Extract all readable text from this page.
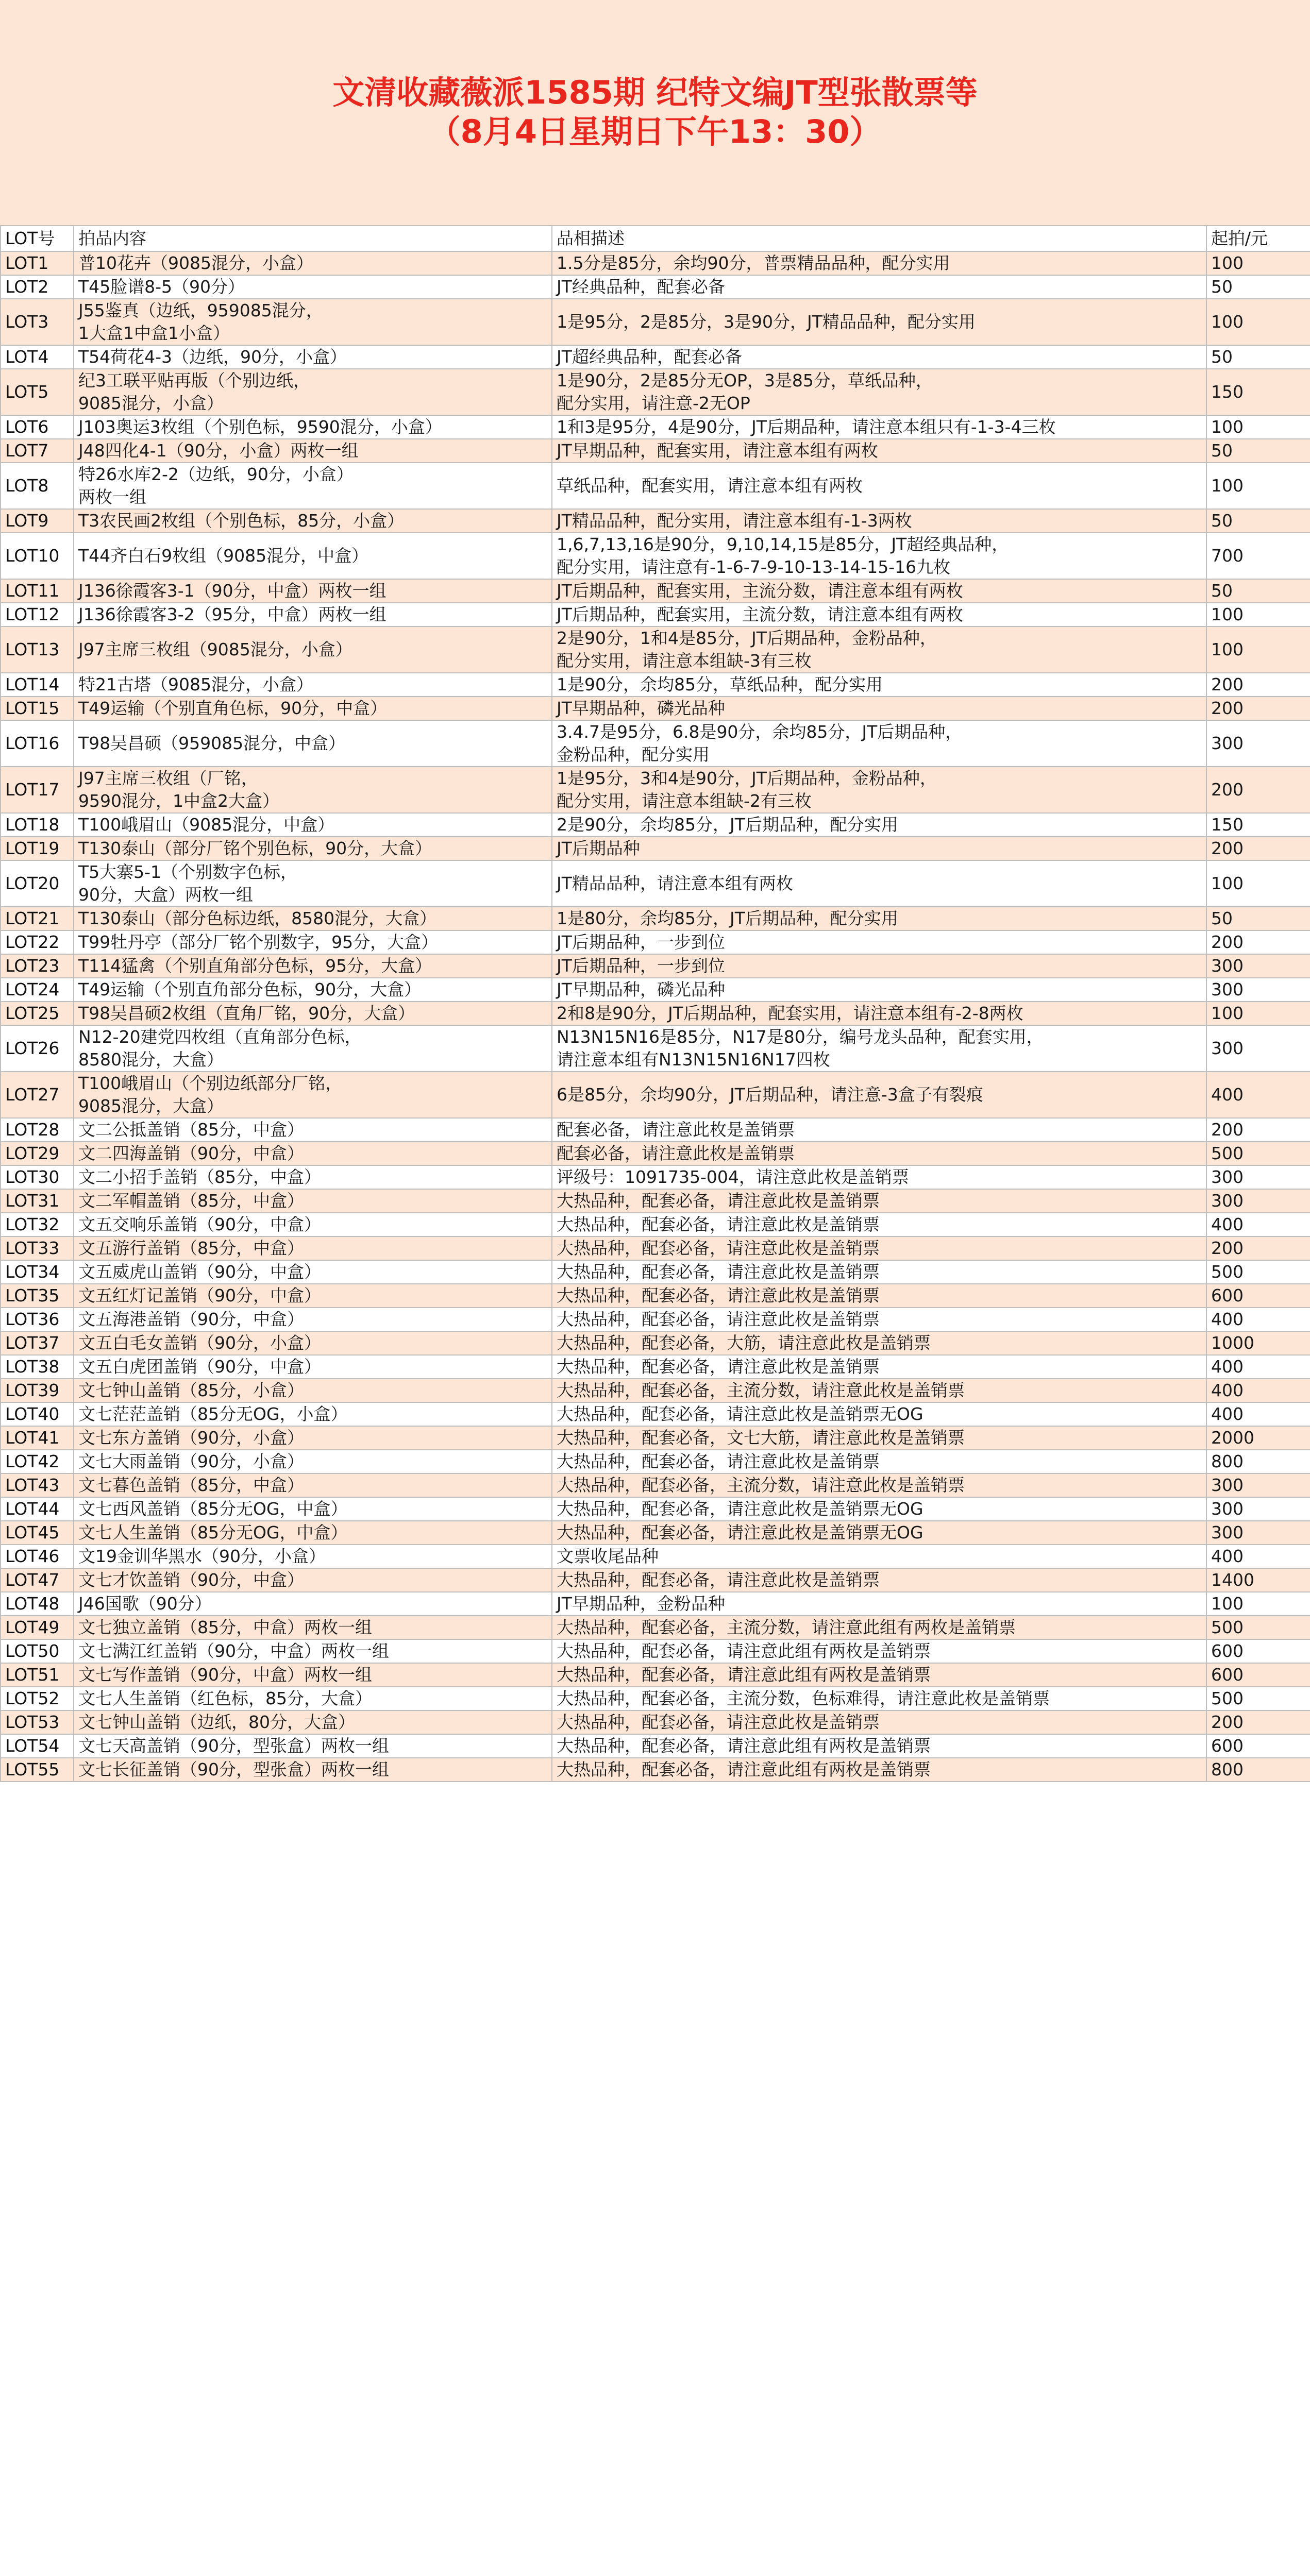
文清收藏薇派1585期 纪特文编JT型张散票等
（8月4日星期日下午13：30）
LOT号	拍品内容	品相描述	起拍/元
LOT1	普10花卉（9085混分，小盒）	1.5分是85分，余均90分，普票精品品种，配分实用	100
LOT2	T45脸谱8-5（90分）	JT经典品种，配套必备	50
LOT3	J55鉴真（边纸，959085混分，
1大盒1中盒1小盒）	1是95分，2是85分，3是90分，JT精品品种，配分实用	100
LOT4	T54荷花4-3（边纸，90分，小盒）	JT超经典品种，配套必备	50
LOT5	纪3工联平贴再版（个别边纸，
9085混分，小盒）	1是90分，2是85分无OP，3是85分，草纸品种，
配分实用，请注意-2无OP	150
LOT6	J103奥运3枚组（个别色标，9590混分，小盒）	1和3是95分，4是90分，JT后期品种，请注意本组只有-1-3-4三枚	100
LOT7	J48四化4-1（90分，小盒）两枚一组	JT早期品种，配套实用，请注意本组有两枚	50
LOT8	特26水库2-2（边纸，90分，小盒）
两枚一组	草纸品种，配套实用，请注意本组有两枚	100
LOT9	T3农民画2枚组（个别色标，85分，小盒）	JT精品品种，配分实用，请注意本组有-1-3两枚	50
LOT10	T44齐白石9枚组（9085混分，中盒）	1,6,7,13,16是90分，9,10,14,15是85分，JT超经典品种，
配分实用，请注意有-1-6-7-9-10-13-14-15-16九枚	700
LOT11	J136徐霞客3-1（90分，中盒）两枚一组	JT后期品种，配套实用，主流分数，请注意本组有两枚	50
LOT12	J136徐霞客3-2（95分，中盒）两枚一组	JT后期品种，配套实用，主流分数，请注意本组有两枚	100
LOT13	J97主席三枚组（9085混分，小盒）	2是90分，1和4是85分，JT后期品种，金粉品种，
配分实用，请注意本组缺-3有三枚	100
LOT14	特21古塔（9085混分，小盒）	1是90分，余均85分，草纸品种，配分实用	200
LOT15	T49运输（个别直角色标，90分，中盒）	JT早期品种，磷光品种	200
LOT16	T98吴昌硕（959085混分，中盒）	3.4.7是95分，6.8是90分，余均85分，JT后期品种，
金粉品种，配分实用	300
LOT17	J97主席三枚组（厂铭，
9590混分，1中盒2大盒）	1是95分，3和4是90分，JT后期品种，金粉品种，
配分实用，请注意本组缺-2有三枚	200
LOT18	T100峨眉山（9085混分，中盒）	2是90分，余均85分，JT后期品种，配分实用	150
LOT19	T130泰山（部分厂铭个别色标，90分，大盒）	JT后期品种	200
LOT20	T5大寨5-1（个别数字色标，
90分，大盒）两枚一组	JT精品品种，请注意本组有两枚	100
LOT21	T130泰山（部分色标边纸，8580混分，大盒）	1是80分，余均85分，JT后期品种，配分实用	50
LOT22	T99牡丹亭（部分厂铭个别数字，95分，大盒）	JT后期品种，一步到位	200
LOT23	T114猛禽（个别直角部分色标，95分，大盒）	JT后期品种，一步到位	300
LOT24	T49运输（个别直角部分色标，90分，大盒）	JT早期品种，磷光品种	300
LOT25	T98吴昌硕2枚组（直角厂铭，90分，大盒）	2和8是90分，JT后期品种，配套实用，请注意本组有-2-8两枚	100
LOT26	N12-20建党四枚组（直角部分色标，
8580混分，大盒）	N13N15N16是85分，N17是80分，编号龙头品种，配套实用，
请注意本组有N13N15N16N17四枚	300
LOT27	T100峨眉山（个别边纸部分厂铭，
9085混分，大盒）	6是85分，余均90分，JT后期品种，请注意-3盒子有裂痕	400
LOT28	文二公抵盖销（85分，中盒）	配套必备，请注意此枚是盖销票	200
LOT29	文二四海盖销（90分，中盒）	配套必备，请注意此枚是盖销票	500
LOT30	文二小招手盖销（85分，中盒）	评级号：1091735-004，请注意此枚是盖销票	300
LOT31	文二军帽盖销（85分，中盒）	大热品种，配套必备，请注意此枚是盖销票	300
LOT32	文五交响乐盖销（90分，中盒）	大热品种，配套必备，请注意此枚是盖销票	400
LOT33	文五游行盖销（85分，中盒）	大热品种，配套必备，请注意此枚是盖销票	200
LOT34	文五威虎山盖销（90分，中盒）	大热品种，配套必备，请注意此枚是盖销票	500
LOT35	文五红灯记盖销（90分，中盒）	大热品种，配套必备，请注意此枚是盖销票	600
LOT36	文五海港盖销（90分，中盒）	大热品种，配套必备，请注意此枚是盖销票	400
LOT37	文五白毛女盖销（90分，小盒）	大热品种，配套必备，大筋，请注意此枚是盖销票	1000
LOT38	文五白虎团盖销（90分，中盒）	大热品种，配套必备，请注意此枚是盖销票	400
LOT39	文七钟山盖销（85分，小盒）	大热品种，配套必备，主流分数，请注意此枚是盖销票	400
LOT40	文七茫茫盖销（85分无OG，小盒）	大热品种，配套必备，请注意此枚是盖销票无OG	400
LOT41	文七东方盖销（90分，小盒）	大热品种，配套必备，文七大筋，请注意此枚是盖销票	2000
LOT42	文七大雨盖销（90分，小盒）	大热品种，配套必备，请注意此枚是盖销票	800
LOT43	文七暮色盖销（85分，中盒）	大热品种，配套必备，主流分数，请注意此枚是盖销票	300
LOT44	文七西风盖销（85分无OG，中盒）	大热品种，配套必备，请注意此枚是盖销票无OG	300
LOT45	文七人生盖销（85分无OG，中盒）	大热品种，配套必备，请注意此枚是盖销票无OG	300
LOT46	文19金训华黑水（90分，小盒）	文票收尾品种	400
LOT47	文七才饮盖销（90分，中盒）	大热品种，配套必备，请注意此枚是盖销票	1400
LOT48	J46国歌（90分）	JT早期品种，金粉品种	100
LOT49	文七独立盖销（85分，中盒）两枚一组	大热品种，配套必备，主流分数，请注意此组有两枚是盖销票	500
LOT50	文七满江红盖销（90分，中盒）两枚一组	大热品种，配套必备，请注意此组有两枚是盖销票	600
LOT51	文七写作盖销（90分，中盒）两枚一组	大热品种，配套必备，请注意此组有两枚是盖销票	600
LOT52	文七人生盖销（红色标，85分，大盒）	大热品种，配套必备，主流分数，色标难得，请注意此枚是盖销票	500
LOT53	文七钟山盖销（边纸，80分，大盒）	大热品种，配套必备，请注意此枚是盖销票	200
LOT54	文七天高盖销（90分，型张盒）两枚一组	大热品种，配套必备，请注意此组有两枚是盖销票	600
LOT55	文七长征盖销（90分，型张盒）两枚一组	大热品种，配套必备，请注意此组有两枚是盖销票	800
